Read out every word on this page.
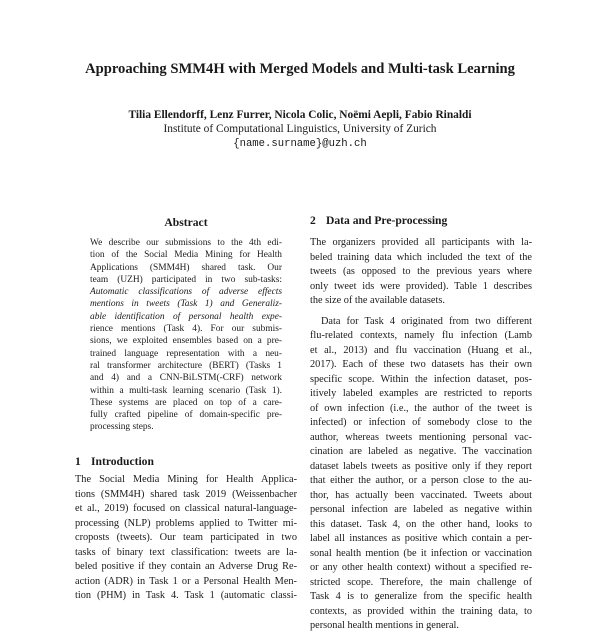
Approaching SMM4H with Merged Models and Multi-task Learning
Tilia Ellendorff, Lenz Furrer, Nicola Colic, Noëmi Aepli, Fabio Rinaldi
Institute of Computational Linguistics, University of Zurich
{name.surname}@uzh.ch
Abstract
We describe our submissions to the 4th edi-
tion of the Social Media Mining for Health
Applications (SMM4H) shared task. Our
team (UZH) participated in two sub-tasks:
Automatic classifications of adverse effects
mentions in tweets (Task 1) and Generaliz-
able identification of personal health expe-
rience mentions (Task 4). For our submis-
sions, we exploited ensembles based on a pre-
trained language representation with a neu-
ral transformer architecture (BERT) (Tasks 1
and 4) and a CNN-BiLSTM(-CRF) network
within a multi-task learning scenario (Task 1).
These systems are placed on top of a care-
fully crafted pipeline of domain-specific pre-
processing steps.
1 Introduction
The Social Media Mining for Health Applica-
tions (SMM4H) shared task 2019 (Weissenbacher
et al., 2019) focused on classical natural-language-
processing (NLP) problems applied to Twitter mi-
croposts (tweets). Our team participated in two
tasks of binary text classification: tweets are la-
beled positive if they contain an Adverse Drug Re-
action (ADR) in Task 1 or a Personal Health Men-
tion (PHM) in Task 4. Task 1 (automatic classi-
2 Data and Pre-processing
The organizers provided all participants with la-
beled training data which included the text of the
tweets (as opposed to the previous years where
only tweet ids were provided). Table 1 describes
the size of the available datasets.
Data for Task 4 originated from two different
flu-related contexts, namely flu infection (Lamb
et al., 2013) and flu vaccination (Huang et al.,
2017). Each of these two datasets has their own
specific scope. Within the infection dataset, pos-
itively labeled examples are restricted to reports
of own infection (i.e., the author of the tweet is
infected) or infection of somebody close to the
author, whereas tweets mentioning personal vac-
cination are labeled as negative. The vaccination
dataset labels tweets as positive only if they report
that either the author, or a person close to the au-
thor, has actually been vaccinated. Tweets about
personal infection are labeled as negative within
this dataset. Task 4, on the other hand, looks to
label all instances as positive which contain a per-
sonal health mention (be it infection or vaccination
or any other health context) without a specified re-
stricted scope. Therefore, the main challenge of
Task 4 is to generalize from the specific health
contexts, as provided within the training data, to
personal health mentions in general.
